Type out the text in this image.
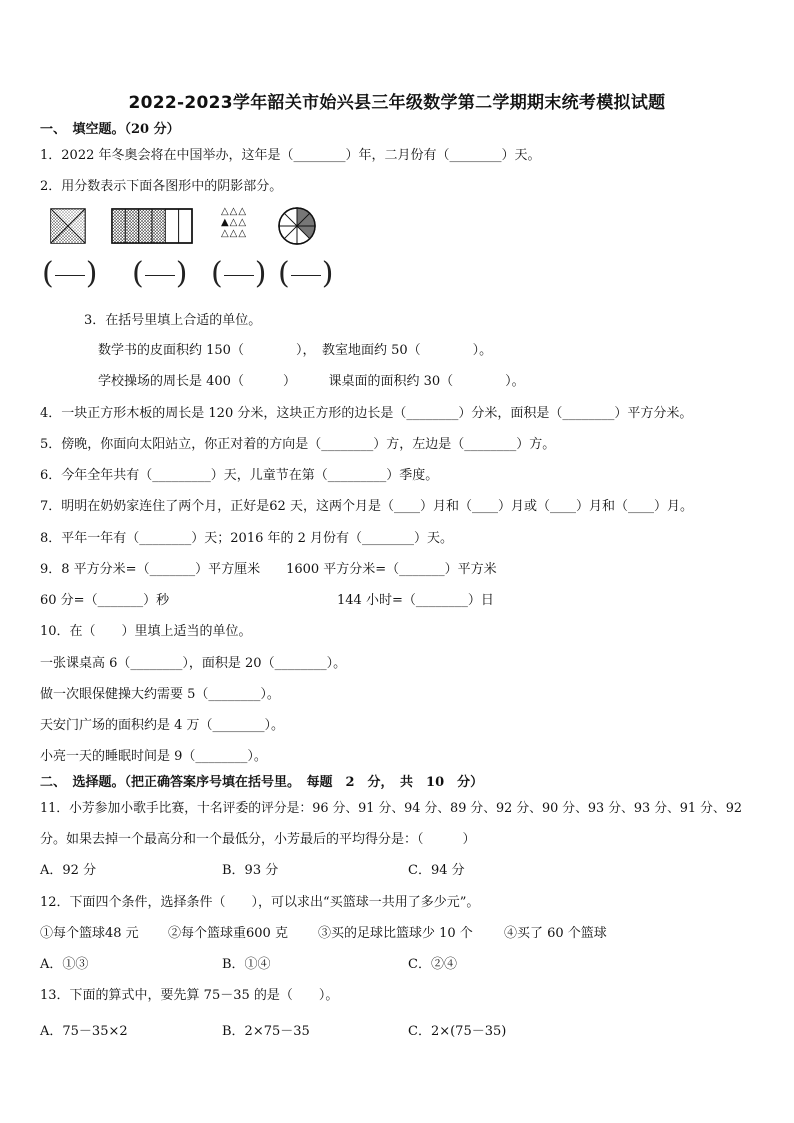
2022-2023学年韶关市始兴县三年级数学第二学期期末统考模拟试题
一、　填空题。（20 分）
1．2022 年冬奥会将在中国举办，这年是（________）年，二月份有（________）天。
2．用分数表示下面各图形中的阴影部分。
△△△
▲△△
△△△
( ) ( ) ( ) ( )
3．在括号里填上合适的单位。
数学书的皮面积约 150（　　　　），　教室地面约 50（　　　　）。
学校操场的周长是 400（　　　）　　　课桌面的面积约 30（　　　　）。
4．一块正方形木板的周长是 120 分米，这块正方形的边长是（________）分米，面积是（________）平方分米。
5．傍晚，你面向太阳站立，你正对着的方向是（________）方，左边是（________）方。
6．今年全年共有（_________）天，儿童节在第（_________）季度。
7．明明在奶奶家连住了两个月，正好是62 天，这两个月是（____）月和（____）月或（____）月和（____）月。
8．平年一年有（________）天；2016 年的 2 月份有（________）天。
9．8 平方分米=（_______）平方厘米　　1600 平方分米=（_______）平方米
60 分=（_______）秒	144 小时=（________）日
10．在（　　）里填上适当的单位。
一张课桌高 6（________），面积是 20（________）。
做一次眼保健操大约需要 5（________）。
天安门广场的面积约是 4 万（________）。
小亮一天的睡眠时间是 9（________）。
二、　选择题。（把正确答案序号填在括号里。　每题　2　分，　共　10　分）
11．小芳参加小歌手比赛，十名评委的评分是：96 分、91 分、94 分、89 分、92 分、90 分、93 分、93 分、91 分、92
分。如果去掉一个最高分和一个最低分，小芳最后的平均得分是：（　　　）
A．92 分	B．93 分	C．94 分
12．下面四个条件，选择条件（　　），可以求出“买篮球一共用了多少元”。
①每个篮球48 元 ②每个篮球重600 克 ③买的足球比篮球少 10 个 ④买了 60 个篮球
A．①③	B．①④	C．②④
13．下面的算式中，要先算 75－35 的是（　　）。
A．75－35×2	B．2×75－35	C．2×(75－35)
